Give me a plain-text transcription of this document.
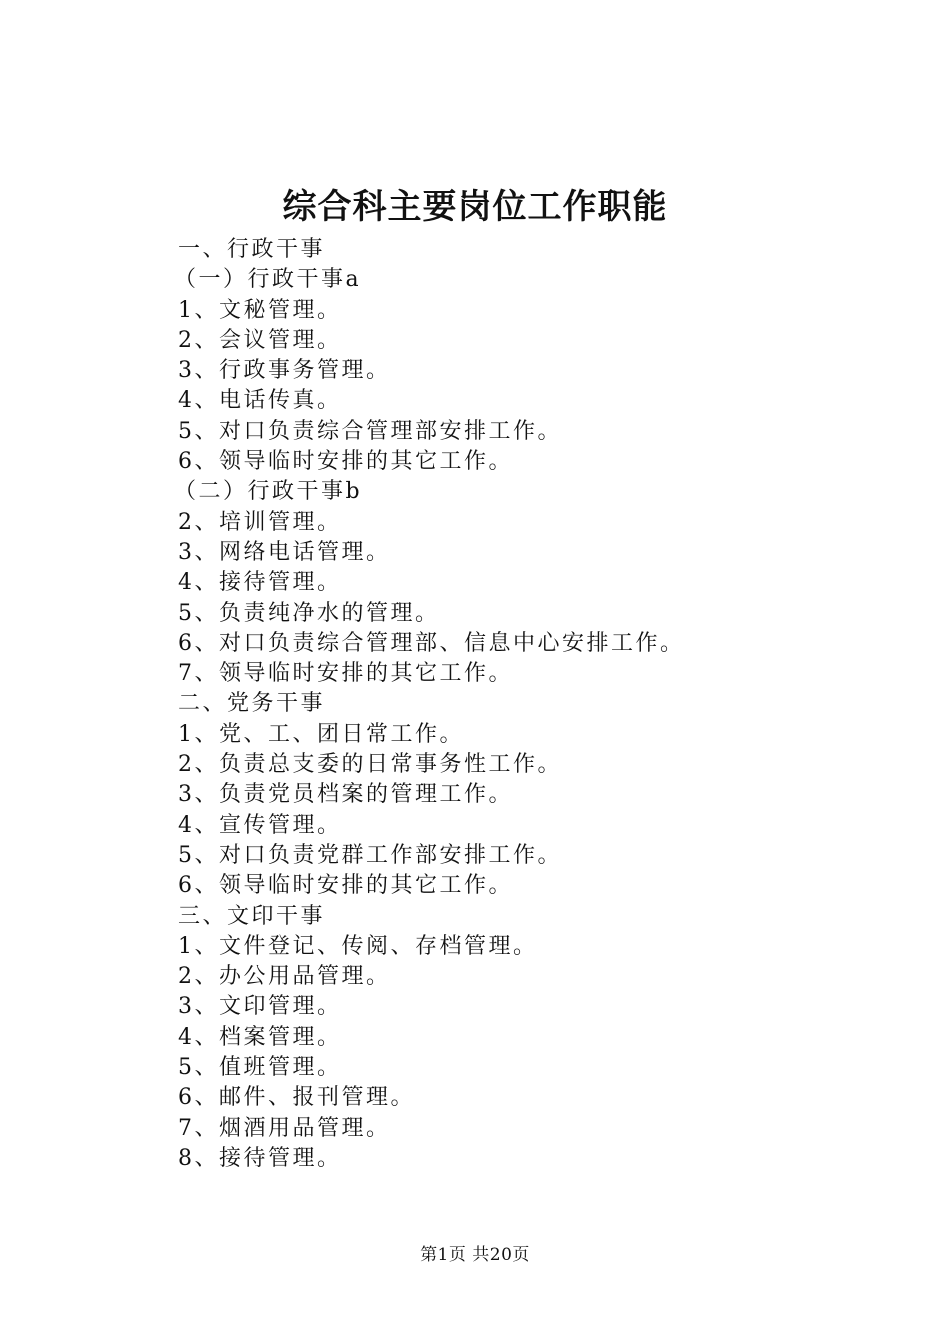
综合科主要岗位工作职能
一、行政干事
（一）行政干事a
1、文秘管理。
2、会议管理。
3、行政事务管理。
4、电话传真。
5、对口负责综合管理部安排工作。
6、领导临时安排的其它工作。
（二）行政干事b
2、培训管理。
3、网络电话管理。
4、接待管理。
5、负责纯净水的管理。
6、对口负责综合管理部、信息中心安排工作。
7、领导临时安排的其它工作。
二、党务干事
1、党、工、团日常工作。
2、负责总支委的日常事务性工作。
3、负责党员档案的管理工作。
4、宣传管理。
5、对口负责党群工作部安排工作。
6、领导临时安排的其它工作。
三、文印干事
1、文件登记、传阅、存档管理。
2、办公用品管理。
3、文印管理。
4、档案管理。
5、值班管理。
6、邮件、报刊管理。
7、烟酒用品管理。
8、接待管理。
第1页 共20页
